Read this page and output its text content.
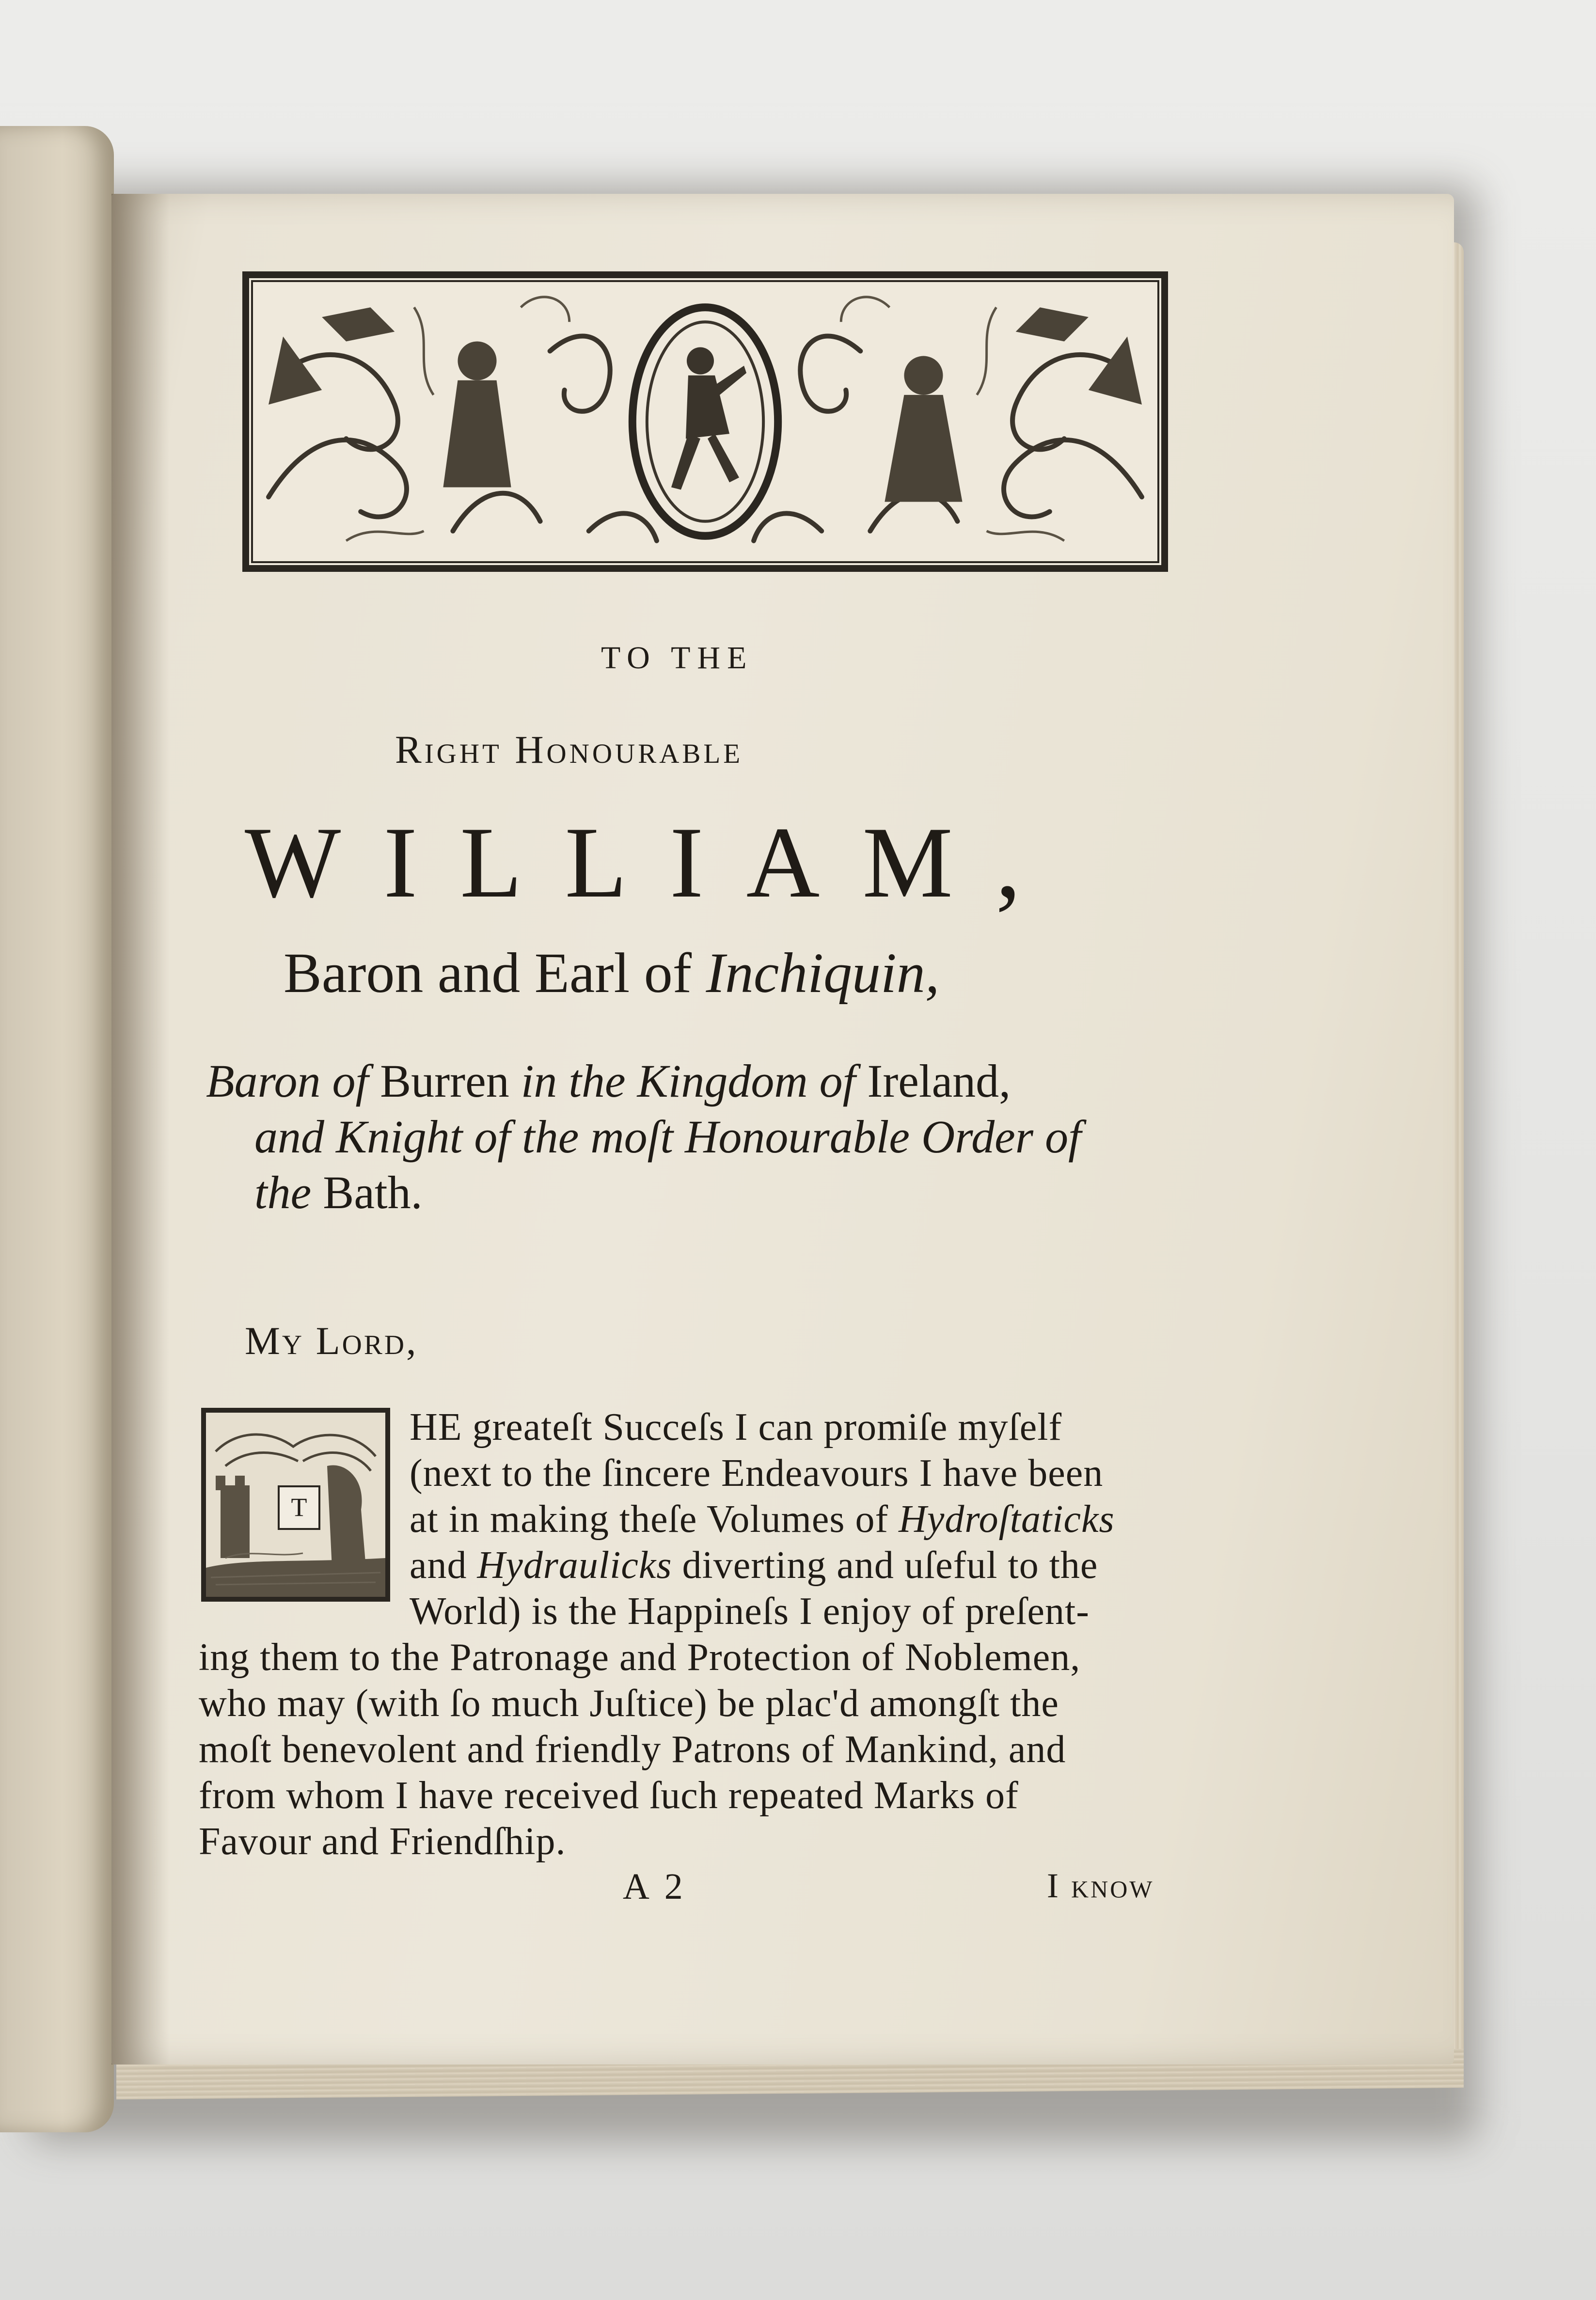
TO THE
Right Honourable
WILLIAM,
Baron and Earl of Inchiquin,
Baron of Burren in the Kingdom of Ireland,
and Knight of the moſt Honourable Order of
the Bath.
My Lord,
T
HE greateſt Succeſs I can promiſe myſelf
(next to the ſincere Endeavours I have been
at in making theſe Volumes of Hydroſtaticks
and Hydraulicks diverting and uſeful to the
World) is the Happineſs I enjoy of preſent-
ing them to the Patronage and Protection of Noblemen,
who may (with ſo much Juſtice) be plac'd amongſt the
moſt benevolent and friendly Patrons of Mankind, and
from whom I have received ſuch repeated Marks of
Favour and Friendſhip.
A 2	I know
